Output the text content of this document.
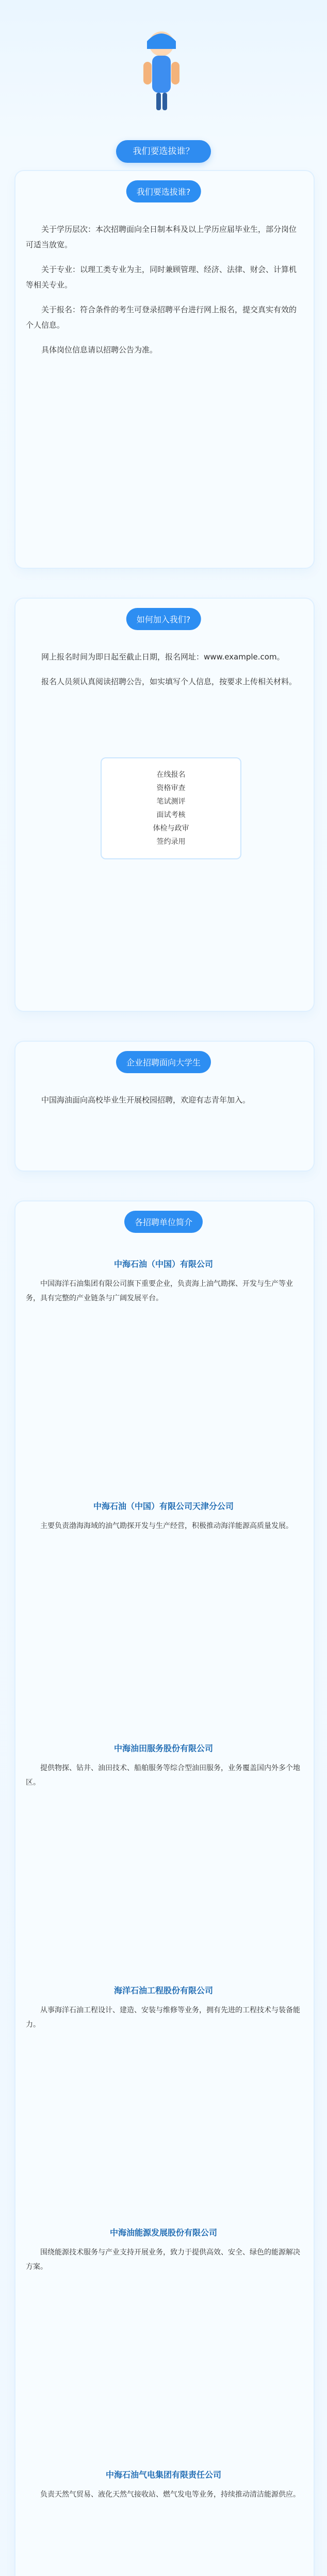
我们要选拔谁？
我们要选拔谁?

关于学历层次：本次招聘面向全日制本科及以上学历应届毕业生，部分岗位可适当放宽。

关于专业：以理工类专业为主，同时兼顾管理、经济、法律、财会、计算机等相关专业。

关于报名：符合条件的考生可登录招聘平台进行网上报名，提交真实有效的个人信息。

具体岗位信息请以招聘公告为准。

如何加入我们?

网上报名时间为即日起至截止日期，报名网址：www.example.com。

报名人员须认真阅读招聘公告，如实填写个人信息，按要求上传相关材料。

在线报名
资格审查
笔试测评
面试考核
体检与政审
签约录用
企业招聘面向大学生

中国海油面向高校毕业生开展校园招聘，欢迎有志青年加入。

各招聘单位简介
中海石油（中国）有限公司

中国海洋石油集团有限公司旗下重要企业，负责海上油气勘探、开发与生产等业务，具有完整的产业链条与广阔发展平台。

中海石油（中国）有限公司天津分公司

主要负责渤海海域的油气勘探开发与生产经营，积极推动海洋能源高质量发展。

中海油田服务股份有限公司

提供物探、钻井、油田技术、船舶服务等综合型油田服务，业务覆盖国内外多个地区。

海洋石油工程股份有限公司

从事海洋石油工程设计、建造、安装与维修等业务，拥有先进的工程技术与装备能力。

中海油能源发展股份有限公司

围绕能源技术服务与产业支持开展业务，致力于提供高效、安全、绿色的能源解决方案。

中海石油气电集团有限责任公司

负责天然气贸易、液化天然气接收站、燃气发电等业务，持续推动清洁能源供应。
